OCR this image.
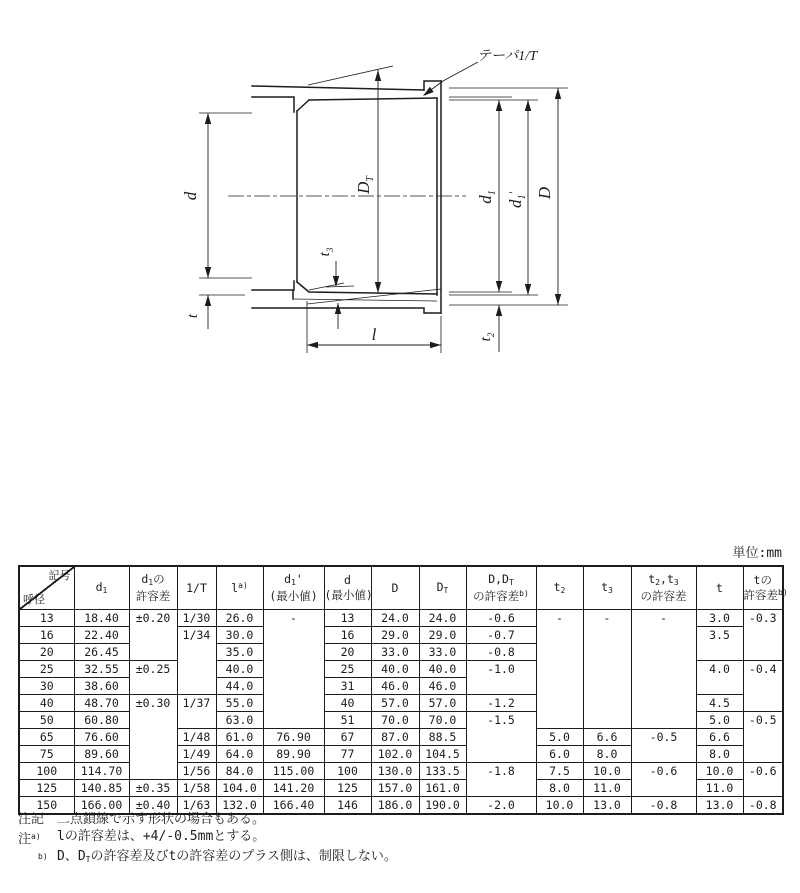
テーパ1/T
d
t
$D_T$
$d_1$
$d_1'$ D
$t_2$
$t_3$
l
単位:mm
記号
呼径	$d_1$	$d_1$の
許容差	1/T	$l^{a)}$	$d_1'$
(最小値)	d
(最小値)	D	$D_T$	$D,D_T$
の許容差$^{b)}$	$t_2$	$t_3$	$t_2,t_3$
の許容差	t	tの
許容差$^{b)}$
13	18.40	±0.20	1/30	26.0	-	13	24.0	24.0	-0.6	-	-	-	3.0	-0.3
16	22.40		1/34	30.0		16	29.0	29.0	-0.7				3.5	
20	26.45			35.0		20	33.0	33.0	-0.8					
25	32.55	±0.25		40.0		25	40.0	40.0	-1.0				4.0	-0.4
30	38.60			44.0		31	46.0	46.0						
40	48.70	±0.30	1/37	55.0		40	57.0	57.0	-1.2				4.5	
50	60.80			63.0		51	70.0	70.0	-1.5				5.0	-0.5
65	76.60		1/48	61.0	76.90	67	87.0	88.5		5.0	6.6	-0.5	6.6	
75	89.60		1/49	64.0	89.90	77	102.0	104.5		6.0	8.0		8.0	
100	114.70		1/56	84.0	115.00	100	130.0	133.5	-1.8	7.5	10.0	-0.6	10.0	-0.6
125	140.85	±0.35	1/58	104.0	141.20	125	157.0	161.0		8.0	11.0		11.0	
150	166.00	±0.40	1/63	132.0	166.40	146	186.0	190.0	-2.0	10.0	13.0	-0.8	13.0	-0.8
注記 二点鎖線で示す形状の場合もある。
注$^{a)}$	lの許容差は、+4/-0.5mmとする。
$^{b)}$ D、$D_T$の許容差及びtの許容差のプラス側は、制限しない。
